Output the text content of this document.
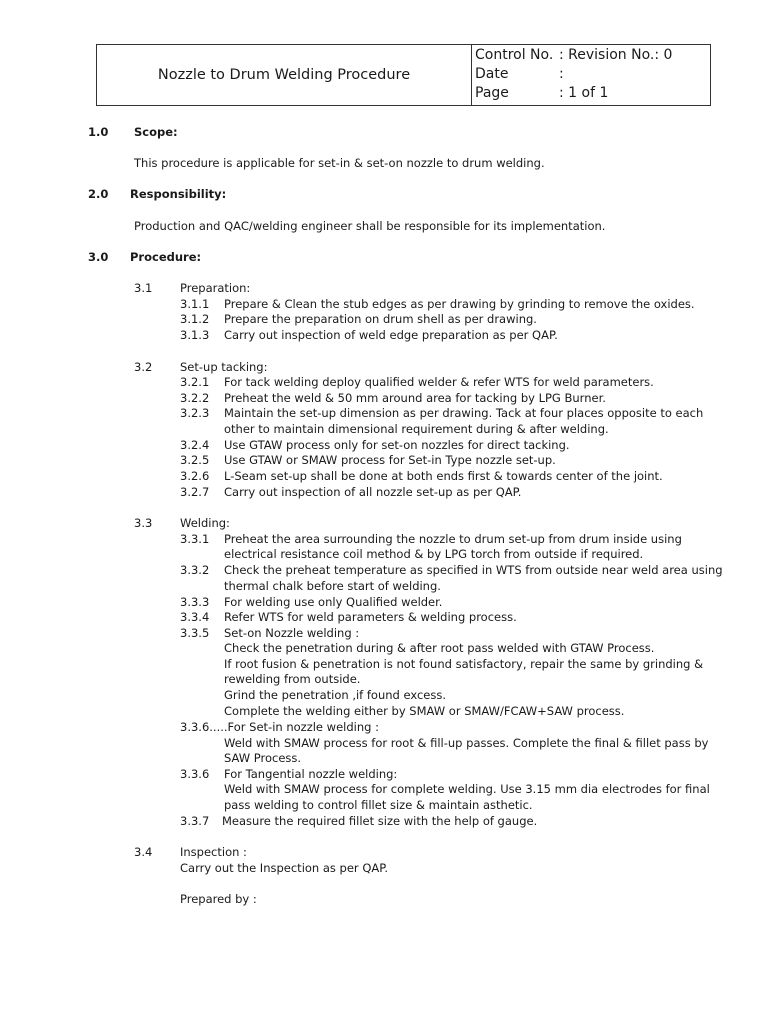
Nozzle to Drum Welding Procedure
Control No. : Revision No.: 0
Date	:
Page	: 1 of 1
1.0 Scope:
This procedure is applicable for set-in & set-on nozzle to drum welding.
2.0 Responsibility:
Production and QAC/welding engineer shall be responsible for its implementation.
3.0 Procedure:
3.1 Preparation:
3.1.1 Prepare & Clean the stub edges as per drawing by grinding to remove the oxides.
3.1.2 Prepare the preparation on drum shell as per drawing.
3.1.3 Carry out inspection of weld edge preparation as per QAP.
3.2 Set-up tacking:
3.2.1 For tack welding deploy qualified welder & refer WTS for weld parameters.
3.2.2 Preheat the weld & 50 mm around area for tacking by LPG Burner.
3.2.3 Maintain the set-up dimension as per drawing. Tack at four places opposite to each
other to maintain dimensional requirement during & after welding.
3.2.4 Use GTAW process only for set-on nozzles for direct tacking.
3.2.5 Use GTAW or SMAW process for Set-in Type nozzle set-up.
3.2.6 L-Seam set-up shall be done at both ends first & towards center of the joint.
3.2.7 Carry out inspection of all nozzle set-up as per QAP.
3.3 Welding:
3.3.1 Preheat the area surrounding the nozzle to drum set-up from drum inside using
electrical resistance coil method & by LPG torch from outside if required.
3.3.2 Check the preheat temperature as specified in WTS from outside near weld area using
thermal chalk before start of welding.
3.3.3 For welding use only Qualified welder.
3.3.4 Refer WTS for weld parameters & welding process.
3.3.5 Set-on Nozzle welding :
Check the penetration during & after root pass welded with GTAW Process.
If root fusion & penetration is not found satisfactory, repair the same by grinding &
rewelding from outside.
Grind the penetration ,if found excess.
Complete the welding either by SMAW or SMAW/FCAW+SAW process.
3.3.6.....For Set-in nozzle welding :
Weld with SMAW process for root & fill-up passes. Complete the final & fillet pass by
SAW Process.
3.3.6 For Tangential nozzle welding:
Weld with SMAW process for complete welding. Use 3.15 mm dia electrodes for final
pass welding to control fillet size & maintain asthetic.
3.3.7 Measure the required fillet size with the help of gauge.
3.4 Inspection :
Carry out the Inspection as per QAP.
Prepared by :
